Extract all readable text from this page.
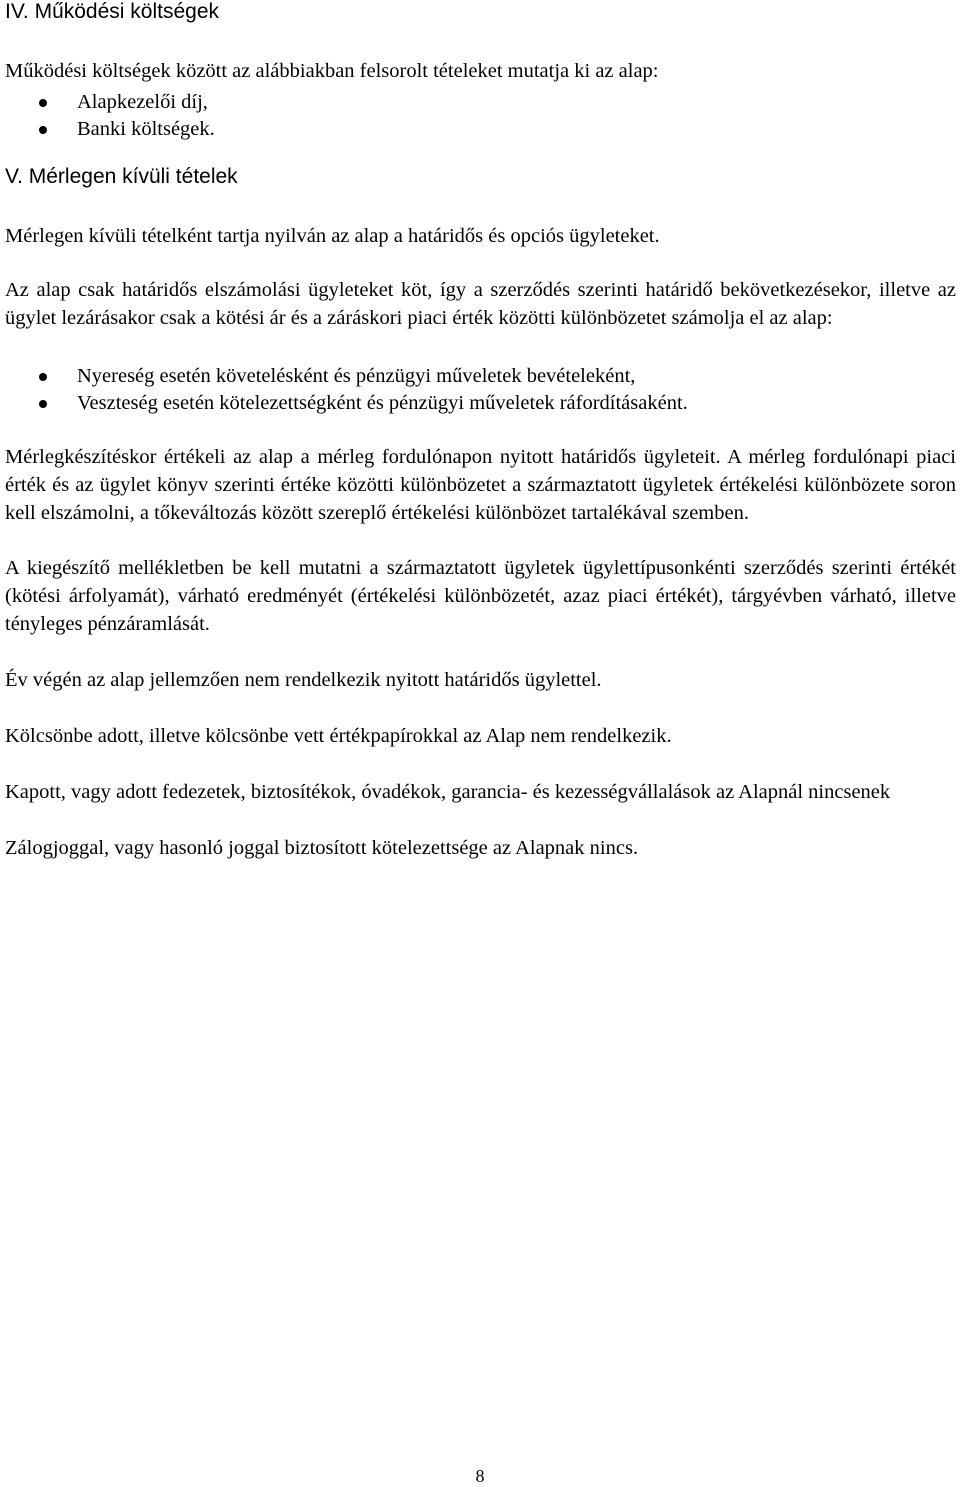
IV. Működési költségek

Működési költségek között az alábbiakban felsorolt tételeket mutatja ki az alap:

Alapkezelői díj,
Banki költségek.
V. Mérlegen kívüli tételek

Mérlegen kívüli tételként tartja nyilván az alap a határidős és opciós ügyleteket.

Az alap csak határidős elszámolási ügyleteket köt, így a szerződés szerinti határidő bekövetkezésekor, illetve az ügylet lezárásakor csak a kötési ár és a záráskori piaci érték közötti különbözetet számolja el az alap:

Nyereség esetén követelésként és pénzügyi műveletek bevételeként,
Veszteség esetén kötelezettségként és pénzügyi műveletek ráfordításaként.

Mérlegkészítéskor értékeli az alap a mérleg fordulónapon nyitott határidős ügyleteit. A mérleg fordulónapi piaci érték és az ügylet könyv szerinti értéke közötti különbözetet a származtatott ügyletek értékelési különbözete soron kell elszámolni, a tőkeváltozás között szereplő értékelési különbözet tartalékával szemben.

A kiegészítő mellékletben be kell mutatni a származtatott ügyletek ügylettípusonkénti szerződés szerinti értékét (kötési árfolyamát), várható eredményét (értékelési különbözetét, azaz piaci értékét), tárgyévben várható, illetve tényleges pénzáramlását.

Év végén az alap jellemzően nem rendelkezik nyitott határidős ügylettel.

Kölcsönbe adott, illetve kölcsönbe vett értékpapírokkal az Alap nem rendelkezik.

Kapott, vagy adott fedezetek, biztosítékok, óvadékok, garancia- és kezességvállalások az Alapnál nincsenek

Zálogjoggal, vagy hasonló joggal biztosított kötelezettsége az Alapnak nincs.

8
